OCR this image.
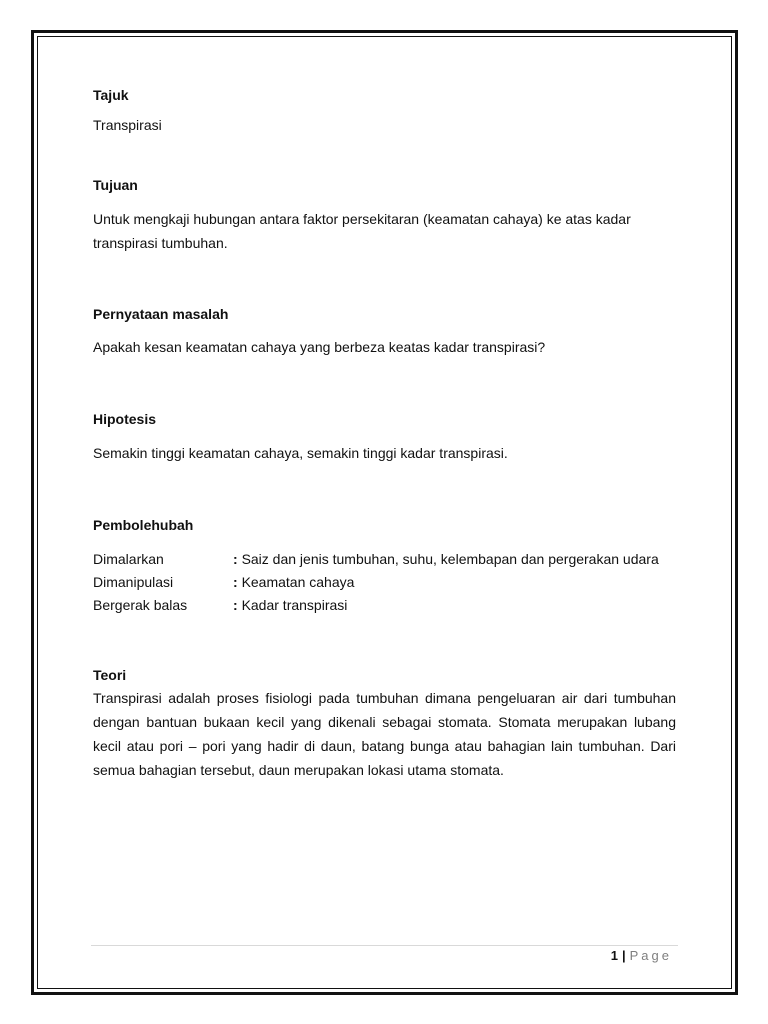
Tajuk
Transpirasi
Tujuan
Untuk mengkaji hubungan antara faktor persekitaran (keamatan cahaya) ke atas kadar transpirasi tumbuhan.
Pernyataan masalah
Apakah kesan keamatan cahaya yang berbeza keatas kadar transpirasi?
Hipotesis
Semakin tinggi keamatan cahaya, semakin tinggi kadar transpirasi.
Pembolehubah
Dimalarkan	: Saiz dan jenis tumbuhan, suhu, kelembapan dan pergerakan udara
Dimanipulasi	: Keamatan cahaya
Bergerak balas	: Kadar transpirasi
Teori
Transpirasi adalah proses fisiologi pada tumbuhan dimana pengeluaran air dari tumbuhan dengan bantuan bukaan kecil yang dikenali sebagai stomata. Stomata merupakan lubang kecil atau pori – pori yang hadir di daun, batang bunga atau bahagian lain tumbuhan. Dari semua bahagian tersebut, daun merupakan lokasi utama stomata.
1 | Page
